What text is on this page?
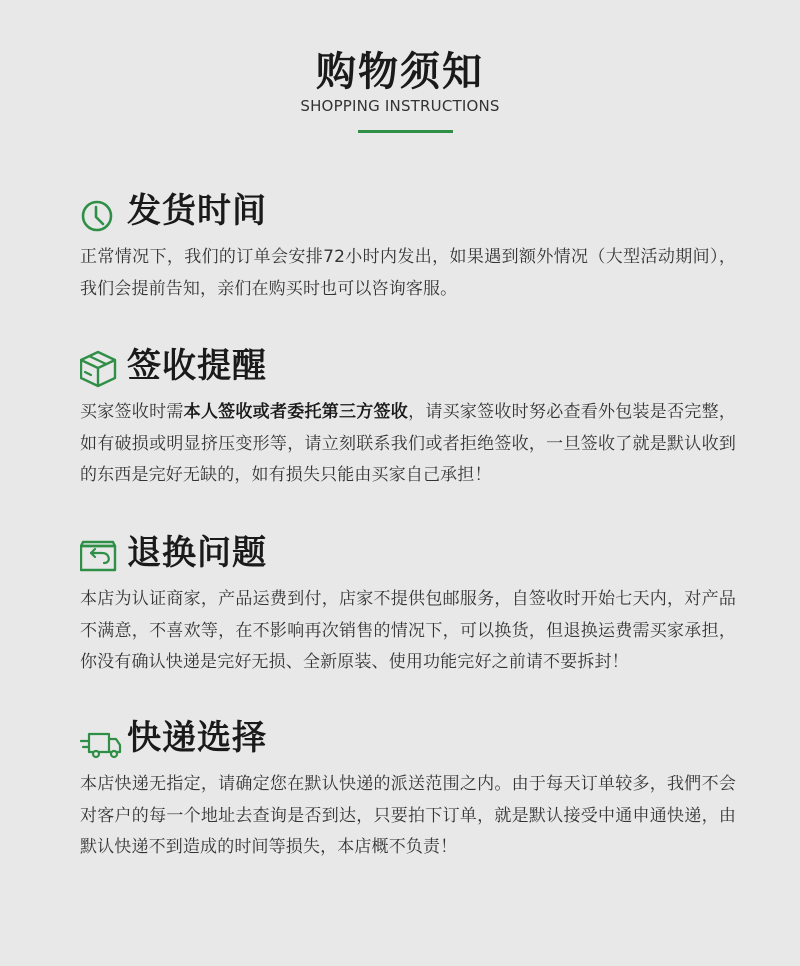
购物须知
SHOPPING INSTRUCTIONS
发货时间
正常情况下，我们的订单会安排72小时内发出，如果遇到额外情况（大型活动期间），我们会提前告知，亲们在购买时也可以咨询客服。
签收提醒
买家签收时需本人签收或者委托第三方签收，请买家签收时努必查看外包装是否完整，如有破损或明显挤压变形等，请立刻联系我们或者拒绝签收，一旦签收了就是默认收到的东西是完好无缺的，如有损失只能由买家自己承担！
退换问题
本店为认证商家，产品运费到付，店家不提供包邮服务，自签收时开始七天内，对产品不满意，不喜欢等，在不影响再次销售的情况下，可以换货，但退换运费需买家承担，你没有确认快递是完好无损、全新原装、使用功能完好之前请不要拆封！
快递选择
本店快递无指定，请确定您在默认快递的派送范围之内。由于每天订单较多，我們不会对客户的每一个地址去查询是否到达，只要拍下订单，就是默认接受中通申通快递，由默认快递不到造成的时间等损失，本店概不负责！
